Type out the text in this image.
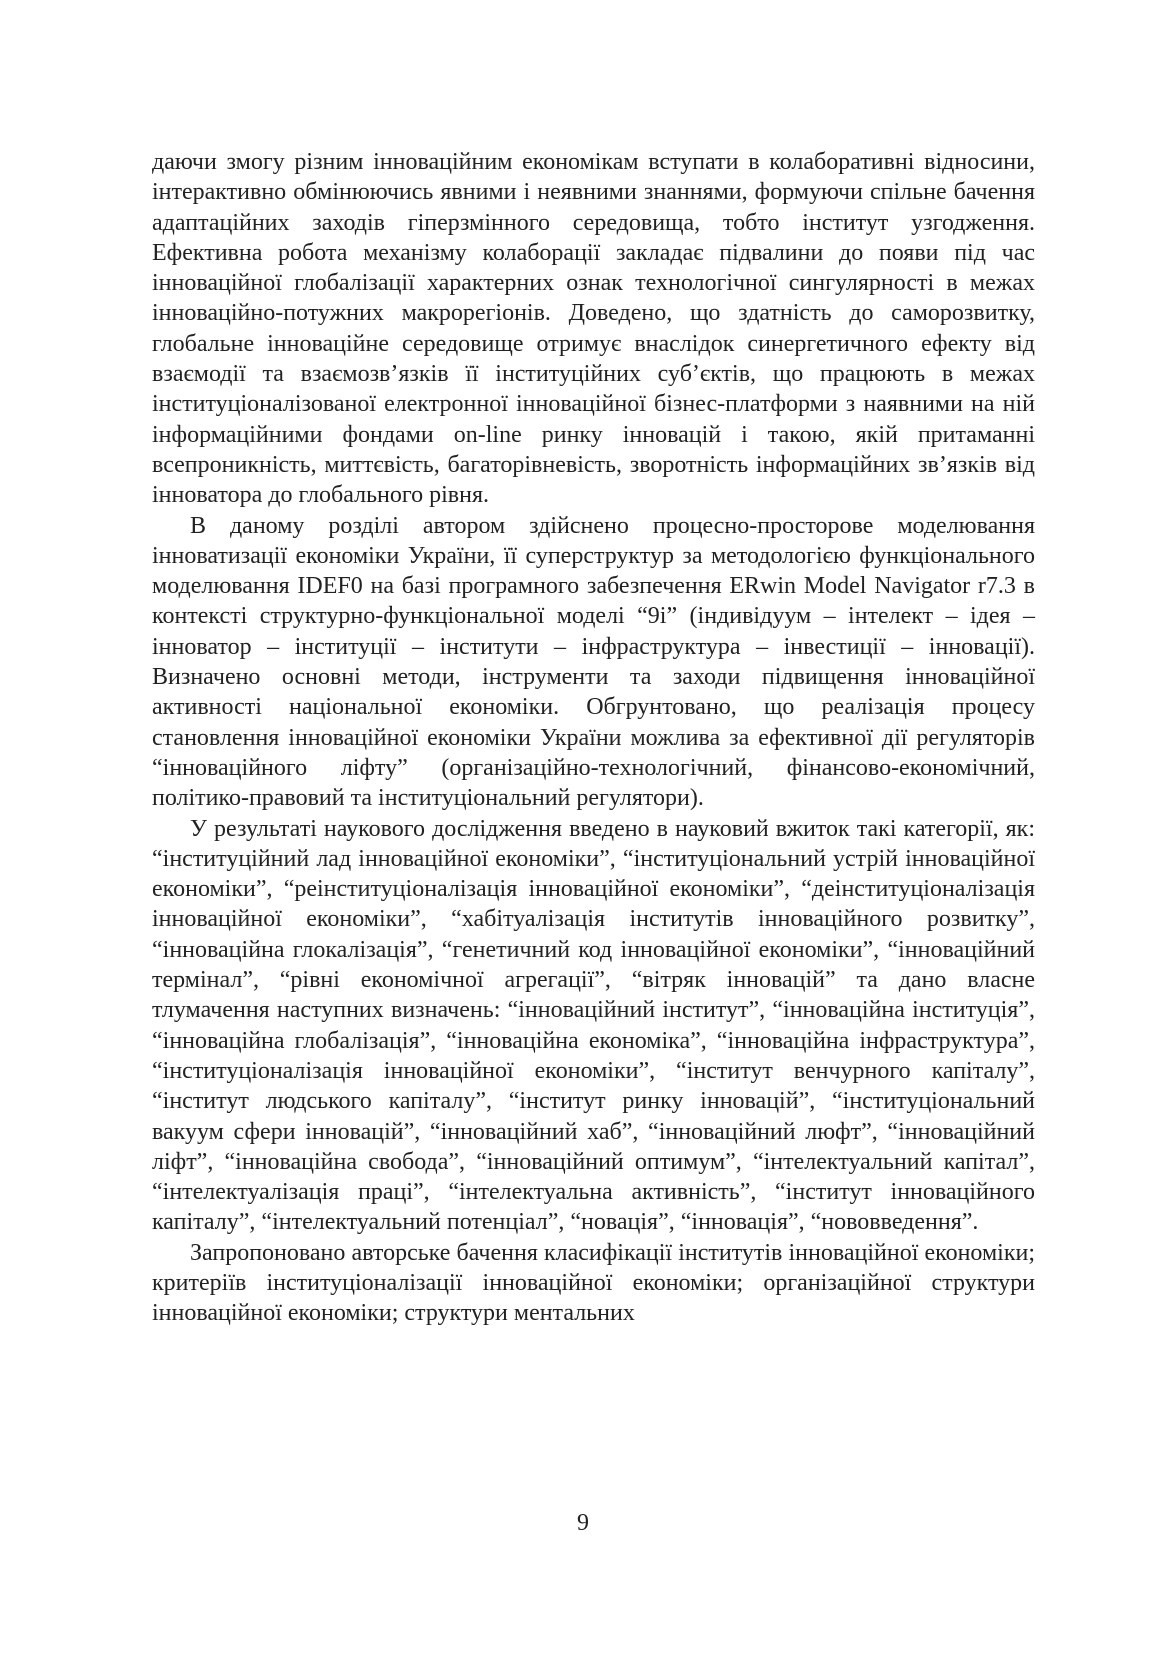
даючи змогу різним інноваційним економікам вступати в колаборативні відносини, інтерактивно обмінюючись явними і неявними знаннями, формуючи спільне бачення адаптаційних заходів гіперзмінного середовища, тобто інститут узгодження. Ефективна робота механізму колаборації закладає підвалини до появи під час інноваційної глобалізації характерних ознак технологічної сингулярності в межах інноваційно-потужних макрорегіонів. Доведено, що здатність до саморозвитку, глобальне інноваційне середовище отримує внаслідок синергетичного ефекту від взаємодії та взаємозв’язків її інституційних суб’єктів, що працюють в межах інституціоналізованої електронної інноваційної бізнес-платформи з наявними на ній інформаційними фондами on-line ринку інновацій і такою, якій притаманні всепроникність, миттєвість, багаторівневість, зворотність інформаційних зв’язків від інноватора до глобального рівня.

В даному розділі автором здійснено процесно-просторове моделювання інноватизації економіки України, її суперструктур за методологією функціонального моделювання IDEF0 на базі програмного забезпечення ERwin Model Navigator r7.3 в контексті структурно-функціональної моделі “9і” (індивідуум – інтелект – ідея – інноватор – інституції – інститути – інфраструктура – інвестиції – інновації). Визначено основні методи, інструменти та заходи підвищення інноваційної активності національної економіки. Обгрунтовано, що реалізація процесу становлення інноваційної економіки України можлива за ефективної дії регуляторів “інноваційного ліфту” (організаційно-технологічний, фінансово-економічний, політико-правовий та інституціональний регулятори).

У результаті наукового дослідження введено в науковий вжиток такі категорії, як: “інституційний лад інноваційної економіки”, “інституціональний устрій інноваційної економіки”, “реінституціоналізація інноваційної економіки”, “деінституціоналізація інноваційної економіки”, “хабітуалізація інститутів інноваційного розвитку”, “інноваційна глокалізація”, “генетичний код інноваційної економіки”, “інноваційний термінал”, “рівні економічної агрегації”, “вітряк інновацій” та дано власне тлумачення наступних визначень: “інноваційний інститут”, “інноваційна інституція”, “інноваційна глобалізація”, “інноваційна економіка”, “інноваційна інфраструктура”, “інституціоналізація інноваційної економіки”, “інститут венчурного капіталу”, “інститут людського капіталу”, “інститут ринку інновацій”, “інституціональний вакуум сфери інновацій”, “інноваційний хаб”, “інноваційний люфт”, “інноваційний ліфт”, “інноваційна свобода”, “інноваційний оптимум”, “інтелектуальний капітал”, “інтелектуалізація праці”, “інтелектуальна активність”, “інститут інноваційного капіталу”, “інтелектуальний потенціал”, “новація”, “інновація”, “нововведення”.

Запропоновано авторське бачення класифікації інститутів інноваційної економіки; критеріїв інституціоналізації інноваційної економіки; організаційної структури інноваційної економіки; структури ментальних

9
